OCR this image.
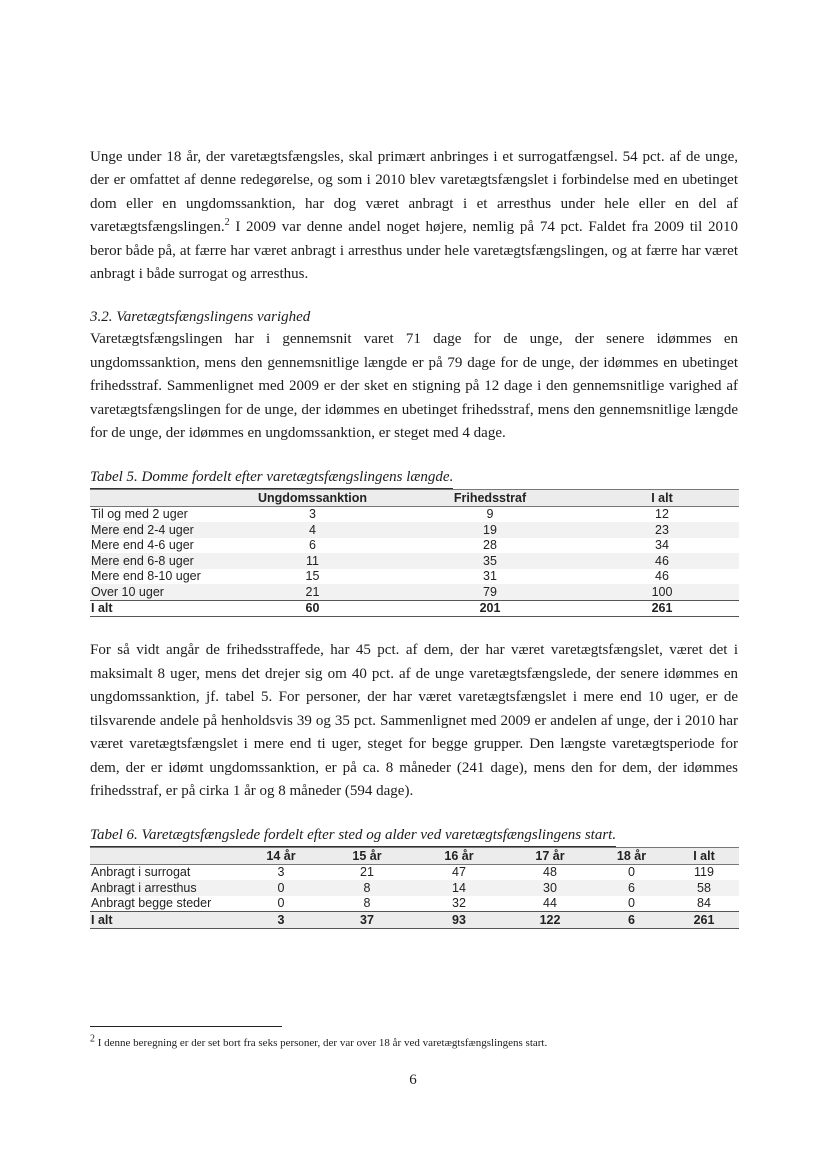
Unge under 18 år, der varetægtsfængsles, skal primært anbringes i et surrogatfængsel. 54 pct. af de unge, der er omfattet af denne redegørelse, og som i 2010 blev varetægtsfængslet i forbindelse med en ubetinget dom eller en ungdomssanktion, har dog været anbragt i et arresthus under hele eller en del af varetægtsfængslingen.$^2$ I 2009 var denne andel noget højere, nemlig på 74 pct. Faldet fra 2009 til 2010 beror både på, at færre har været anbragt i arresthus under hele varetægtsfængslingen, og at færre har været anbragt i både surrogat og arresthus.

3.2. Varetægtsfængslingens varighed

Varetægtsfængslingen har i gennemsnit varet 71 dage for de unge, der senere idømmes en ungdomssanktion, mens den gennemsnitlige længde er på 79 dage for de unge, der idømmes en ubetinget frihedsstraf. Sammenlignet med 2009 er der sket en stigning på 12 dage i den gennemsnitlige varighed af varetægtsfængslingen for de unge, der idømmes en ubetinget frihedsstraf, mens den gennemsnitlige længde for de unge, der idømmes en ungdomssanktion, er steget med 4 dage.

Tabel 5. Domme fordelt efter varetægtsfængslingens længde.
	Ungdomssanktion	Frihedsstraf	I alt
Til og med 2 uger	3	9	12
Mere end 2-4 uger	4	19	23
Mere end 4-6 uger	6	28	34
Mere end 6-8 uger	11	35	46
Mere end 8-10 uger	15	31	46
Over 10 uger	21	79	100
I alt	60	201	261

For så vidt angår de frihedsstraffede, har 45 pct. af dem, der har været varetægtsfængslet, været det i maksimalt 8 uger, mens det drejer sig om 40 pct. af de unge varetægtsfængslede, der senere idømmes en ungdomssanktion, jf. tabel 5. For personer, der har været varetægtsfængslet i mere end 10 uger, er de tilsvarende andele på henholdsvis 39 og 35 pct. Sammenlignet med 2009 er andelen af unge, der i 2010 har været varetægtsfængslet i mere end ti uger, steget for begge grupper. Den længste varetægtsperiode for dem, der er idømt ungdomssanktion, er på ca. 8 måneder (241 dage), mens den for dem, der idømmes frihedsstraf, er på cirka 1 år og 8 måneder (594 dage).

Tabel 6. Varetægtsfængslede fordelt efter sted og alder ved varetægtsfængslingens start.
	14 år	15 år	16 år	17 år	18 år	I alt
Anbragt i surrogat	3	21	47	48	0	119
Anbragt i arresthus	0	8	14	30	6	58
Anbragt begge steder	0	8	32	44	0	84
I alt	3	37	93	122	6	261
$^2$ I denne beregning er der set bort fra seks personer, der var over 18 år ved varetægtsfængslingens start.
6
